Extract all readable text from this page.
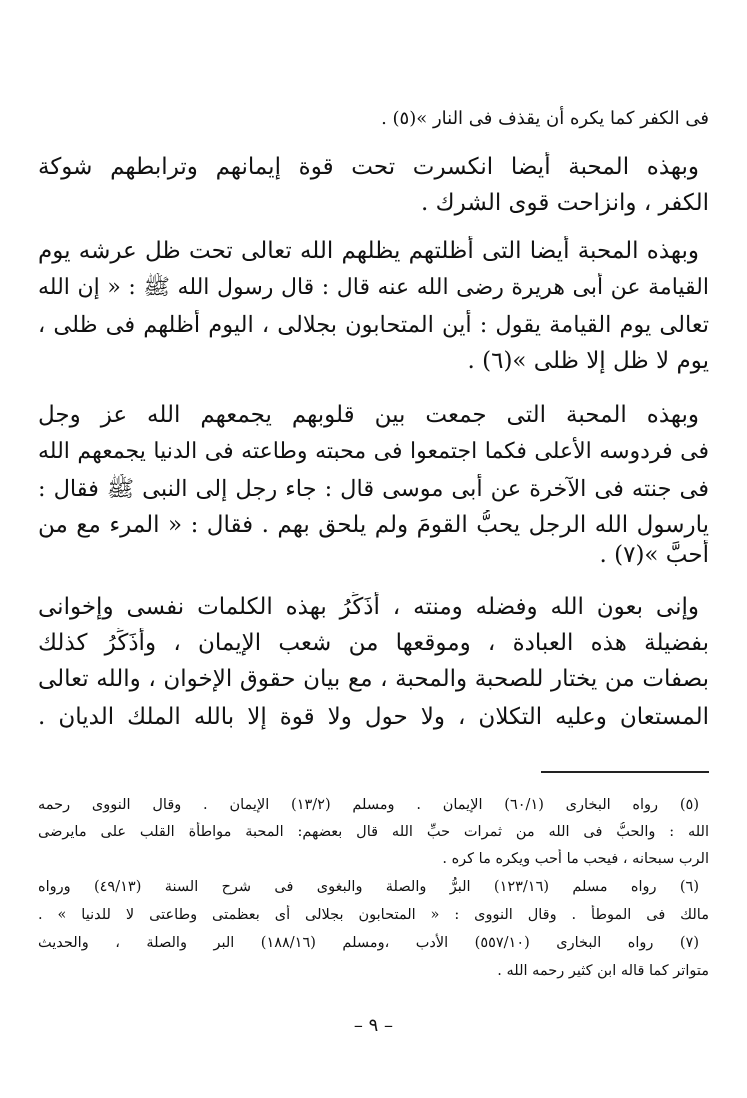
فى الكفر كما يكره أن يقذف فى النار »(٥) .
وبهذه المحبة أيضا انكسرت تحت قوة إيمانهم وترابطهم شوكة
الكفر ، وانزاحت قوى الشرك .
وبهذه المحبة أيضا التى أظلتهم يظلهم الله تعالى تحت ظل عرشه يوم
القيامة عن أبى هريرة رضى الله عنه قال : قال رسول الله ﷺ : « إن الله
تعالى يوم القيامة يقول : أين المتحابون بجلالى ، اليوم أظلهم فى ظلى ،
يوم لا ظل إلا ظلى »(٦) .
وبهذه المحبة التى جمعت بين قلوبهم يجمعهم الله عز وجل
فى فردوسه الأعلى فكما اجتمعوا فى محبته وطاعته فى الدنيا يجمعهم الله
فى جنته فى الآخرة عن أبى موسى قال : جاء رجل إلى النبى ﷺ فقال :
يارسول الله الرجل يحبُّ القومَ ولم يلحق بهم . فقال : « المرء مع من
أحبَّ »(٧) .
وإنى بعون الله وفضله ومنته ، أُذَكِّرُ بهذه الكلمات نفسى وإخوانى
بفضيلة هذه العبادة ، وموقعها من شعب الإيمان ، وأُذَكِّرُ كذلك
بصفات من يختار للصحبة والمحبة ، مع بيان حقوق الإخوان ، والله تعالى
المستعان وعليه التكلان ، ولا حول ولا قوة إلا بالله الملك الديان .
(٥) رواه البخارى (٦٠/١) الإيمان . ومسلم (١٣/٢) الإيمان . وقال النووى رحمه
الله : والحبُّ فى الله من ثمرات حبِّ الله قال بعضهم: المحبة مواطأة القلب على مايرضى
الرب سبحانه ، فيحب ما أحب ويكره ما كره .
(٦) رواه مسلم (١٢٣/١٦) البرُّ والصلة والبغوى فى شرح السنة (٤٩/١٣) ورواه
مالك فى الموطأ . وقال النووى : « المتحابون بجلالى أى بعظمتى وطاعتى لا للدنيا » .
(٧) رواه البخارى (٥٥٧/١٠) الأدب ،ومسلم (١٨٨/١٦) البر والصلة ، والحديث
متواتر كما قاله ابن كثير رحمه الله .
– ٩ –
